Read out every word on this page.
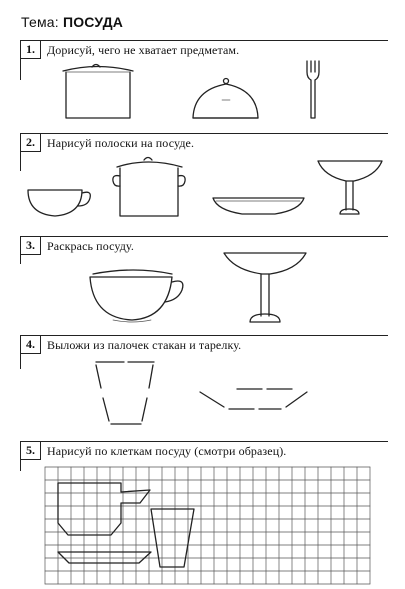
Тема: ПОСУДА
1.	Дорисуй, чего не хватает предметам.
2.	Нарисуй полоски на посуде.
3.	Раскрась посуду.
4.	Выложи из палочек стакан и тарелку.
5.	Нарисуй по клеткам посуду (смотри образец).
